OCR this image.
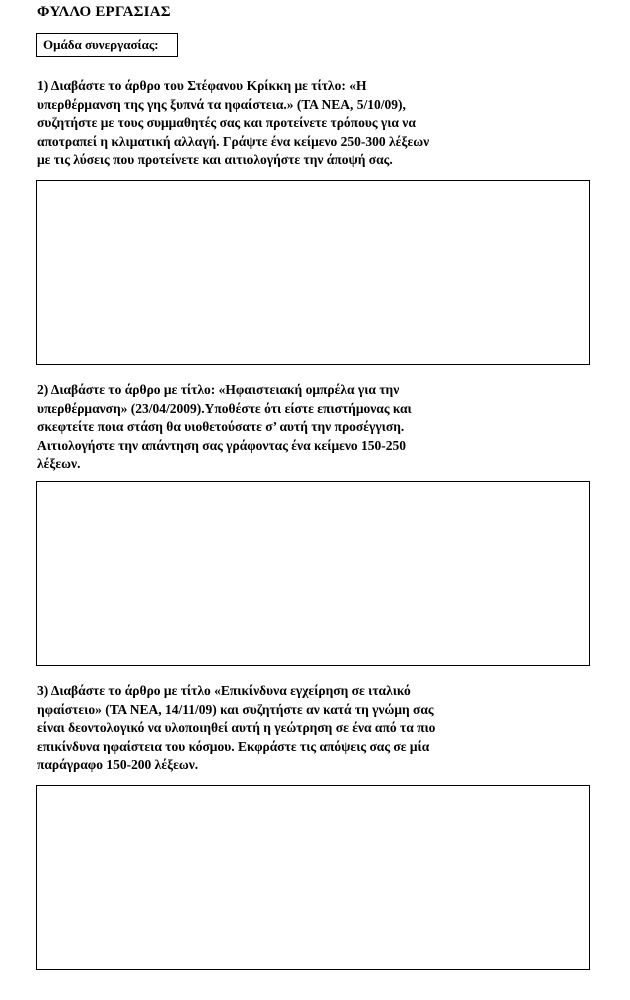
ΦΥΛΛΟ ΕΡΓΑΣΙΑΣ
Ομάδα συνεργασίας:
1) Διαβάστε το άρθρο του Στέφανου Κρίκκη με τίτλο: «Η
υπερθέρμανση της γης ξυπνά τα ηφαίστεια.» (ΤΑ ΝΕΑ, 5/10/09),
συζητήστε με τους συμμαθητές σας και προτείνετε τρόπους για να
αποτραπεί η κλιματική αλλαγή. Γράψτε ένα κείμενο 250-300 λέξεων
με τις λύσεις που προτείνετε και αιτιολογήστε την άποψή σας.
2) Διαβάστε το άρθρο με τίτλο: «Ηφαιστειακή ομπρέλα για την
υπερθέρμανση» (23/04/2009).Υποθέστε ότι είστε επιστήμονας και
σκεφτείτε ποια στάση θα υιοθετούσατε σ’ αυτή την προσέγγιση.
Αιτιολογήστε την απάντηση σας γράφοντας ένα κείμενο 150-250
λέξεων.
3) Διαβάστε το άρθρο με τίτλο «Επικίνδυνα εγχείρηση σε ιταλικό
ηφαίστειο» (ΤΑ ΝΕΑ, 14/11/09) και συζητήστε αν κατά τη γνώμη σας
είναι δεοντολογικό να υλοποιηθεί αυτή η γεώτρηση σε ένα από τα πιο
επικίνδυνα ηφαίστεια του κόσμου. Εκφράστε τις απόψεις σας σε μία
παράγραφο 150-200 λέξεων.
